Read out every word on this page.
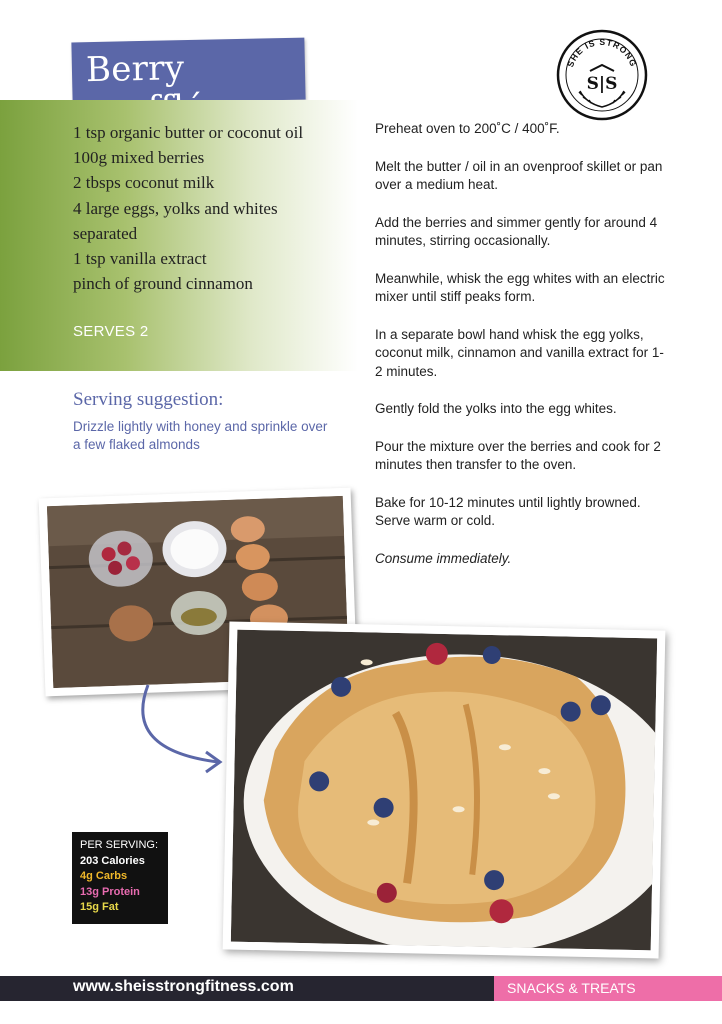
Berry	SHE IS STRONG
S|S
1 tsp organic butter or coconut oil
100g mixed berries
2 tbsps coconut milk
4 large eggs, yolks and whites
separated
1 tsp vanilla extract
pinch of ground cinnamon
SERVES 2
Serving suggestion:
Drizzle lightly with honey and sprinkle over
a few flaked almonds

Preheat oven to 200˚C / 400˚F.

Melt the butter / oil in an ovenproof skillet or pan over a medium heat.

Add the berries and simmer gently for around 4 minutes, stirring occasionally.

Meanwhile, whisk the egg whites with an electric mixer until stiff peaks form.

In a separate bowl hand whisk the egg yolks, coconut milk, cinnamon and vanilla extract for 1-2 minutes.

Gently fold the yolks into the egg whites.

Pour the mixture over the berries and cook for 2 minutes then transfer to the oven.

Bake for 10-12 minutes until lightly browned. Serve warm or cold.

Consume immediately.

PER SERVING:
203 Calories
4g Carbs
13g Protein
15g Fat
www.sheisstrongfitness.com	SNACKS & TREATS
